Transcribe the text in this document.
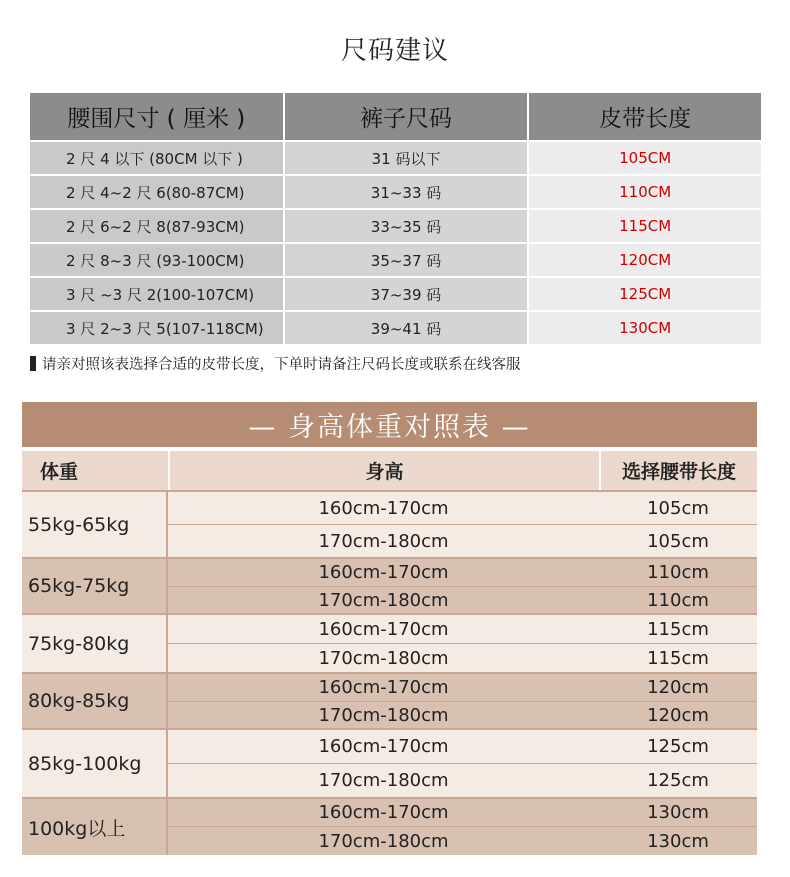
尺码建议
腰围尺寸 ( 厘米 )	裤子尺码	皮带长度
2 尺 4 以下 (80CM 以下 )	31 码以下	105CM
2 尺 4~2 尺 6(80-87CM)	31~33 码	110CM
2 尺 6~2 尺 8(87-93CM)	33~35 码	115CM
2 尺 8~3 尺 (93-100CM)	35~37 码	120CM
3 尺 ~3 尺 2(100-107CM)	37~39 码	125CM
3 尺 2~3 尺 5(107-118CM)	39~41 码	130CM
请亲对照该表选择合适的皮带长度，下单时请备注尺码长度或联系在线客服
— 身高体重对照表 —
体重	身高	选择腰带长度
55kg-65kg
160cm-170cm	105cm
170cm-180cm	105cm
65kg-75kg
160cm-170cm	110cm
170cm-180cm	110cm
75kg-80kg
160cm-170cm	115cm
170cm-180cm	115cm
80kg-85kg
160cm-170cm	120cm
170cm-180cm	120cm
85kg-100kg
160cm-170cm	125cm
170cm-180cm	125cm
100kg以上
160cm-170cm	130cm
170cm-180cm	130cm
